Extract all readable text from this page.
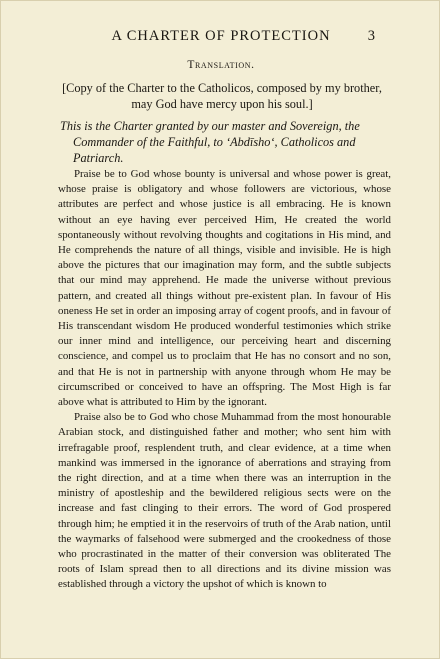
A CHARTER OF PROTECTION	3
Translation.
[Copy of the Charter to the Catholicos, composed by my brother, may God have mercy upon his soul.]
This is the Charter granted by our master and Sovereign, the Commander of the Faithful, to ‘Abdīsho‘, Catholicos and Patriarch.

Praise be to God whose bounty is universal and whose power is great, whose praise is obligatory and whose followers are victorious, whose attributes are perfect and whose justice is all embracing. He is known without an eye having ever perceived Him, He created the world spontaneously without revolving thoughts and cogitations in His mind, and He comprehends the nature of all things, visible and invisible. He is high above the pictures that our imagination may form, and the subtle subjects that our mind may apprehend. He made the universe without previous pattern, and created all things without pre-existent plan. In favour of His oneness He set in order an imposing array of cogent proofs, and in favour of His transcendant wisdom He produced wonderful testimonies which strike our inner mind and intelligence, our perceiving heart and discerning conscience, and compel us to proclaim that He has no consort and no son, and that He is not in partnership with anyone through whom He may be circumscribed or conceived to have an offspring. The Most High is far above what is attributed to Him by the ignorant.

Praise also be to God who chose Muhammad from the most honourable Arabian stock, and distinguished father and mother; who sent him with irrefragable proof, resplendent truth, and clear evidence, at a time when mankind was immersed in the ignorance of aberrations and straying from the right direction, and at a time when there was an interruption in the ministry of apostleship and the bewildered religious sects were on the increase and fast clinging to their errors. The word of God prospered through him; he emptied it in the reservoirs of truth of the Arab nation, until the waymarks of falsehood were submerged and the crookedness of those who procrastinated in the matter of their conversion was obliterated The roots of Islam spread then to all directions and its divine mission was established through a victory the upshot of which is known to
